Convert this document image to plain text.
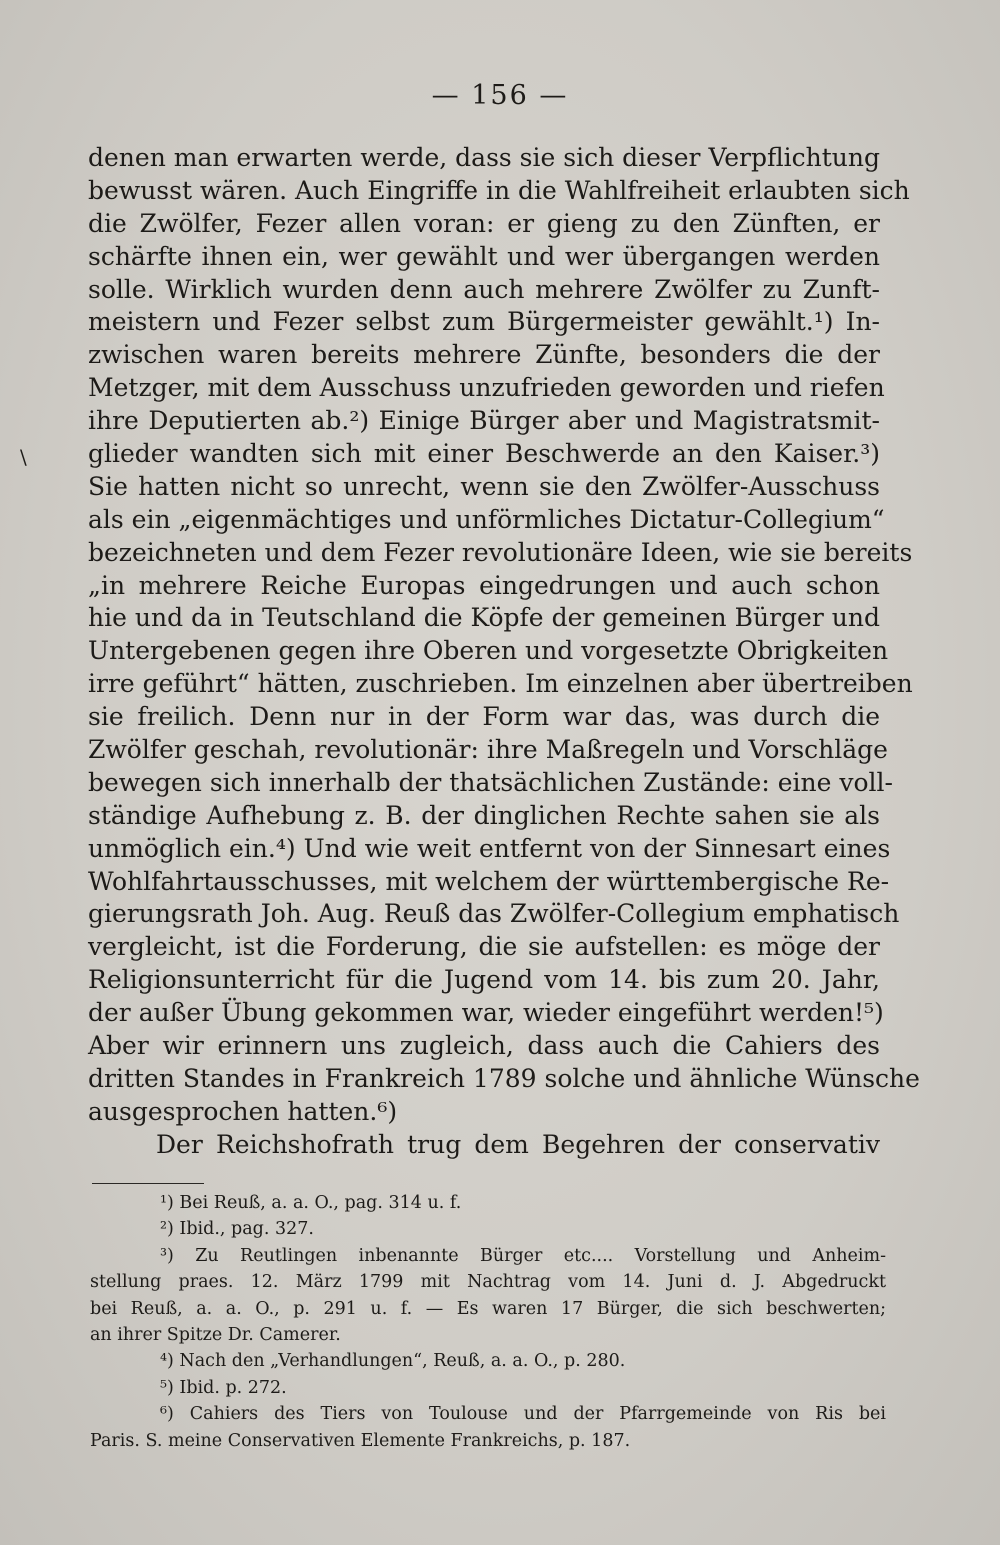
— 156 —
\
denen man erwarten werde, dass sie sich dieser Verpflichtung
bewusst wären. Auch Eingriffe in die Wahlfreiheit erlaubten sich
die Zwölfer, Fezer allen voran: er gieng zu den Zünften, er
schärfte ihnen ein, wer gewählt und wer übergangen werden
solle. Wirklich wurden denn auch mehrere Zwölfer zu Zunft-
meistern und Fezer selbst zum Bürgermeister gewählt.¹) In-
zwischen waren bereits mehrere Zünfte, besonders die der
Metzger, mit dem Ausschuss unzufrieden geworden und riefen
ihre Deputierten ab.²) Einige Bürger aber und Magistratsmit-
glieder wandten sich mit einer Beschwerde an den Kaiser.³)
Sie hatten nicht so unrecht, wenn sie den Zwölfer-Ausschuss
als ein „eigenmächtiges und unförmliches Dictatur-Collegium“
bezeichneten und dem Fezer revolutionäre Ideen, wie sie bereits
„in mehrere Reiche Europas eingedrungen und auch schon
hie und da in Teutschland die Köpfe der gemeinen Bürger und
Untergebenen gegen ihre Oberen und vorgesetzte Obrigkeiten
irre geführt“ hätten, zuschrieben. Im einzelnen aber übertreiben
sie freilich. Denn nur in der Form war das, was durch die
Zwölfer geschah, revolutionär: ihre Maßregeln und Vorschläge
bewegen sich innerhalb der thatsächlichen Zustände: eine voll-
ständige Aufhebung z. B. der dinglichen Rechte sahen sie als
unmöglich ein.⁴) Und wie weit entfernt von der Sinnesart eines
Wohlfahrtausschusses, mit welchem der württembergische Re-
gierungsrath Joh. Aug. Reuß das Zwölfer-Collegium emphatisch
vergleicht, ist die Forderung, die sie aufstellen: es möge der
Religionsunterricht für die Jugend vom 14. bis zum 20. Jahr,
der außer Übung gekommen war, wieder eingeführt werden!⁵)
Aber wir erinnern uns zugleich, dass auch die Cahiers des
dritten Standes in Frankreich 1789 solche und ähnliche Wünsche
ausgesprochen hatten.⁶)
Der Reichshofrath trug dem Begehren der conservativ
¹) Bei Reuß, a. a. O., pag. 314 u. f.
²) Ibid., pag. 327.
³) Zu Reutlingen inbenannte Bürger etc.... Vorstellung und Anheim-
stellung praes. 12. März 1799 mit Nachtrag vom 14. Juni d. J. Abgedruckt
bei Reuß, a. a. O., p. 291 u. f. — Es waren 17 Bürger, die sich beschwerten;
an ihrer Spitze Dr. Camerer.
⁴) Nach den „Verhandlungen“, Reuß, a. a. O., p. 280.
⁵) Ibid. p. 272.
⁶) Cahiers des Tiers von Toulouse und der Pfarrgemeinde von Ris bei
Paris. S. meine Conservativen Elemente Frankreichs, p. 187.
